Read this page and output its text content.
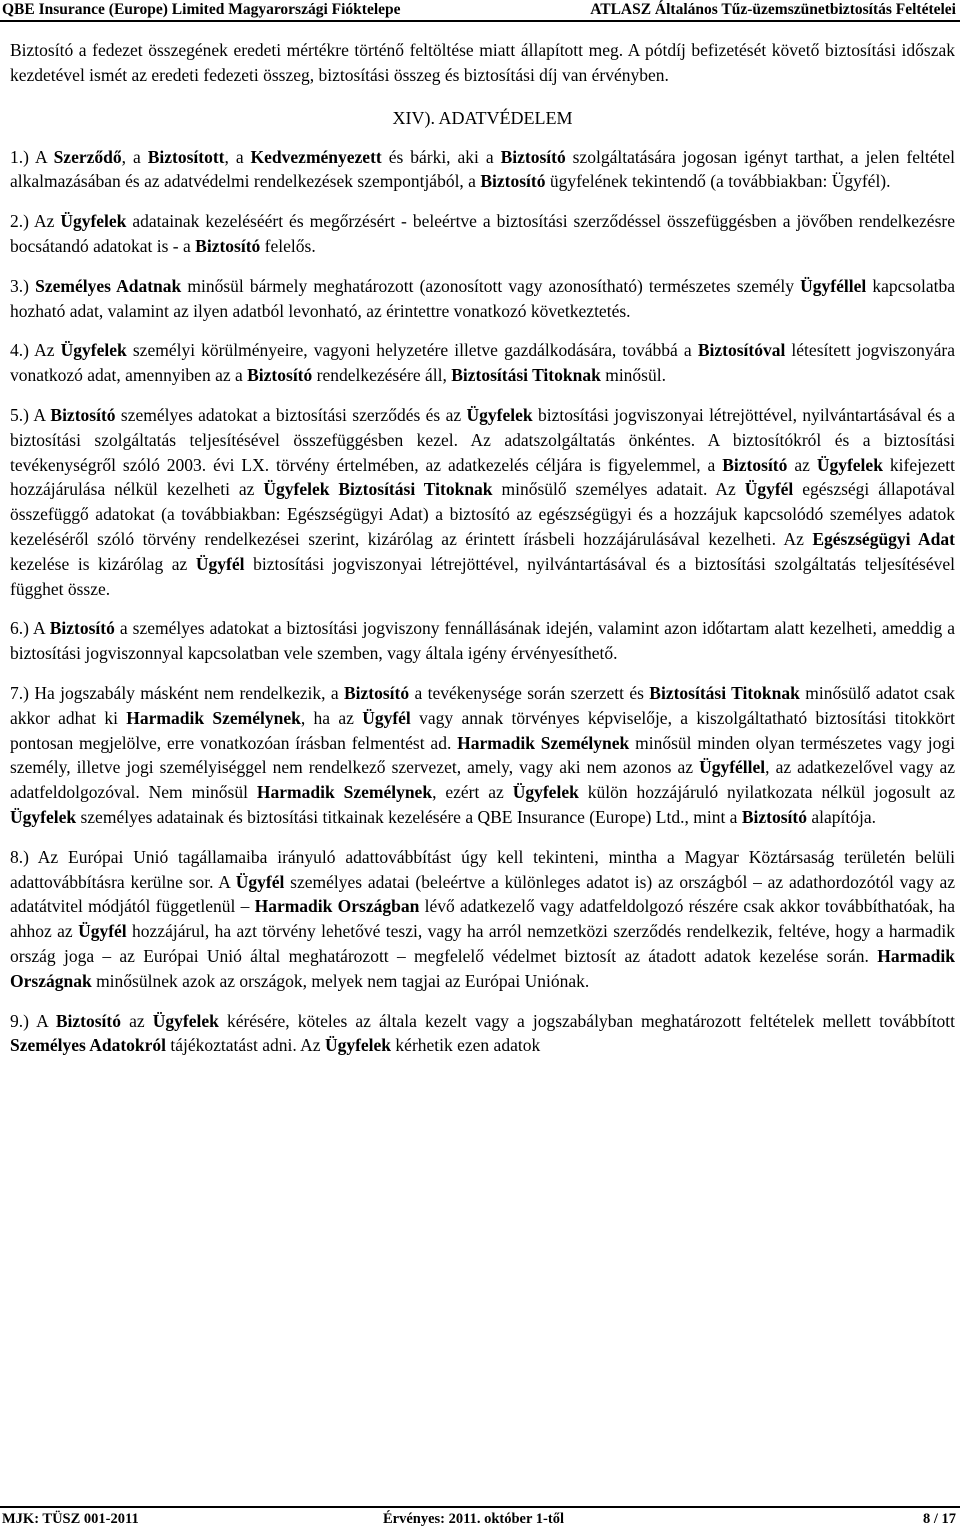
QBE Insurance (Europe) Limited Magyarországi Fióktelepe	ATLASZ Általános Tűz-üzemszünetbiztosítás Feltételei

Biztosító a fedezet összegének eredeti mértékre történő feltöltése miatt állapított meg. A pótdíj befizetését követő biztosítási időszak kezdetével ismét az eredeti fedezeti összeg, biztosítási összeg és biztosítási díj van érvényben.

XIV). ADATVÉDELEM

1.) A Szerződő, a Biztosított, a Kedvezményezett és bárki, aki a Biztosító szolgáltatására jogosan igényt tarthat, a jelen feltétel alkalmazásában és az adatvédelmi rendelkezések szempontjából, a Biztosító ügyfelének tekintendő (a továbbiakban: Ügyfél).

2.) Az Ügyfelek adatainak kezeléséért és megőrzésért - beleértve a biztosítási szerződéssel összefüggésben a jövőben rendelkezésre bocsátandó adatokat is - a Biztosító felelős.

3.) Személyes Adatnak minősül bármely meghatározott (azonosított vagy azonosítható) természetes személy Ügyféllel kapcsolatba hozható adat, valamint az ilyen adatból levonható, az érintettre vonatkozó következtetés.

4.) Az Ügyfelek személyi körülményeire, vagyoni helyzetére illetve gazdálkodására, továbbá a Biztosítóval létesített jogviszonyára vonatkozó adat, amennyiben az a Biztosító rendelkezésére áll, Biztosítási Titoknak minősül.

5.) A Biztosító személyes adatokat a biztosítási szerződés és az Ügyfelek biztosítási jogviszonyai létrejöttével, nyilvántartásával és a biztosítási szolgáltatás teljesítésével összefüggésben kezel. Az adatszolgáltatás önkéntes. A biztosítókról és a biztosítási tevékenységről szóló 2003. évi LX. törvény értelmében, az adatkezelés céljára is figyelemmel, a Biztosító az Ügyfelek kifejezett hozzájárulása nélkül kezelheti az Ügyfelek Biztosítási Titoknak minősülő személyes adatait. Az Ügyfél egészségi állapotával összefüggő adatokat (a továbbiakban: Egészségügyi Adat) a biztosító az egészségügyi és a hozzájuk kapcsolódó személyes adatok kezeléséről szóló törvény rendelkezései szerint, kizárólag az érintett írásbeli hozzájárulásával kezelheti. Az Egészségügyi Adat kezelése is kizárólag az Ügyfél biztosítási jogviszonyai létrejöttével, nyilvántartásával és a biztosítási szolgáltatás teljesítésével függhet össze.

6.) A Biztosító a személyes adatokat a biztosítási jogviszony fennállásának idején, valamint azon időtartam alatt kezelheti, ameddig a biztosítási jogviszonnyal kapcsolatban vele szemben, vagy általa igény érvényesíthető.

7.) Ha jogszabály másként nem rendelkezik, a Biztosító a tevékenysége során szerzett és Biztosítási Titoknak minősülő adatot csak akkor adhat ki Harmadik Személynek, ha az Ügyfél vagy annak törvényes képviselője, a kiszolgáltatható biztosítási titokkört pontosan megjelölve, erre vonatkozóan írásban felmentést ad. Harmadik Személynek minősül minden olyan természetes vagy jogi személy, illetve jogi személyiséggel nem rendelkező szervezet, amely, vagy aki nem azonos az Ügyféllel, az adatkezelővel vagy az adatfeldolgozóval. Nem minősül Harmadik Személynek, ezért az Ügyfelek külön hozzájáruló nyilatkozata nélkül jogosult az Ügyfelek személyes adatainak és biztosítási titkainak kezelésére a QBE Insurance (Europe) Ltd., mint a Biztosító alapítója.

8.) Az Európai Unió tagállamaiba irányuló adattovábbítást úgy kell tekinteni, mintha a Magyar Köztársaság területén belüli adattovábbításra kerülne sor. A Ügyfél személyes adatai (beleértve a különleges adatot is) az országból – az adathordozótól vagy az adatátvitel módjától függetlenül – Harmadik Országban lévő adatkezelő vagy adatfeldolgozó részére csak akkor továbbíthatóak, ha ahhoz az Ügyfél hozzájárul, ha azt törvény lehetővé teszi, vagy ha arról nemzetközi szerződés rendelkezik, feltéve, hogy a harmadik ország joga – az Európai Unió által meghatározott – megfelelő védelmet biztosít az átadott adatok kezelése során. Harmadik Országnak minősülnek azok az országok, melyek nem tagjai az Európai Uniónak.

9.) A Biztosító az Ügyfelek kérésére, köteles az általa kezelt vagy a jogszabályban meghatározott feltételek mellett továbbított Személyes Adatokról tájékoztatást adni. Az Ügyfelek kérhetik ezen adatok

MJK: TÜSZ 001-2011	Érvényes: 2011. október 1-től	8 / 17
